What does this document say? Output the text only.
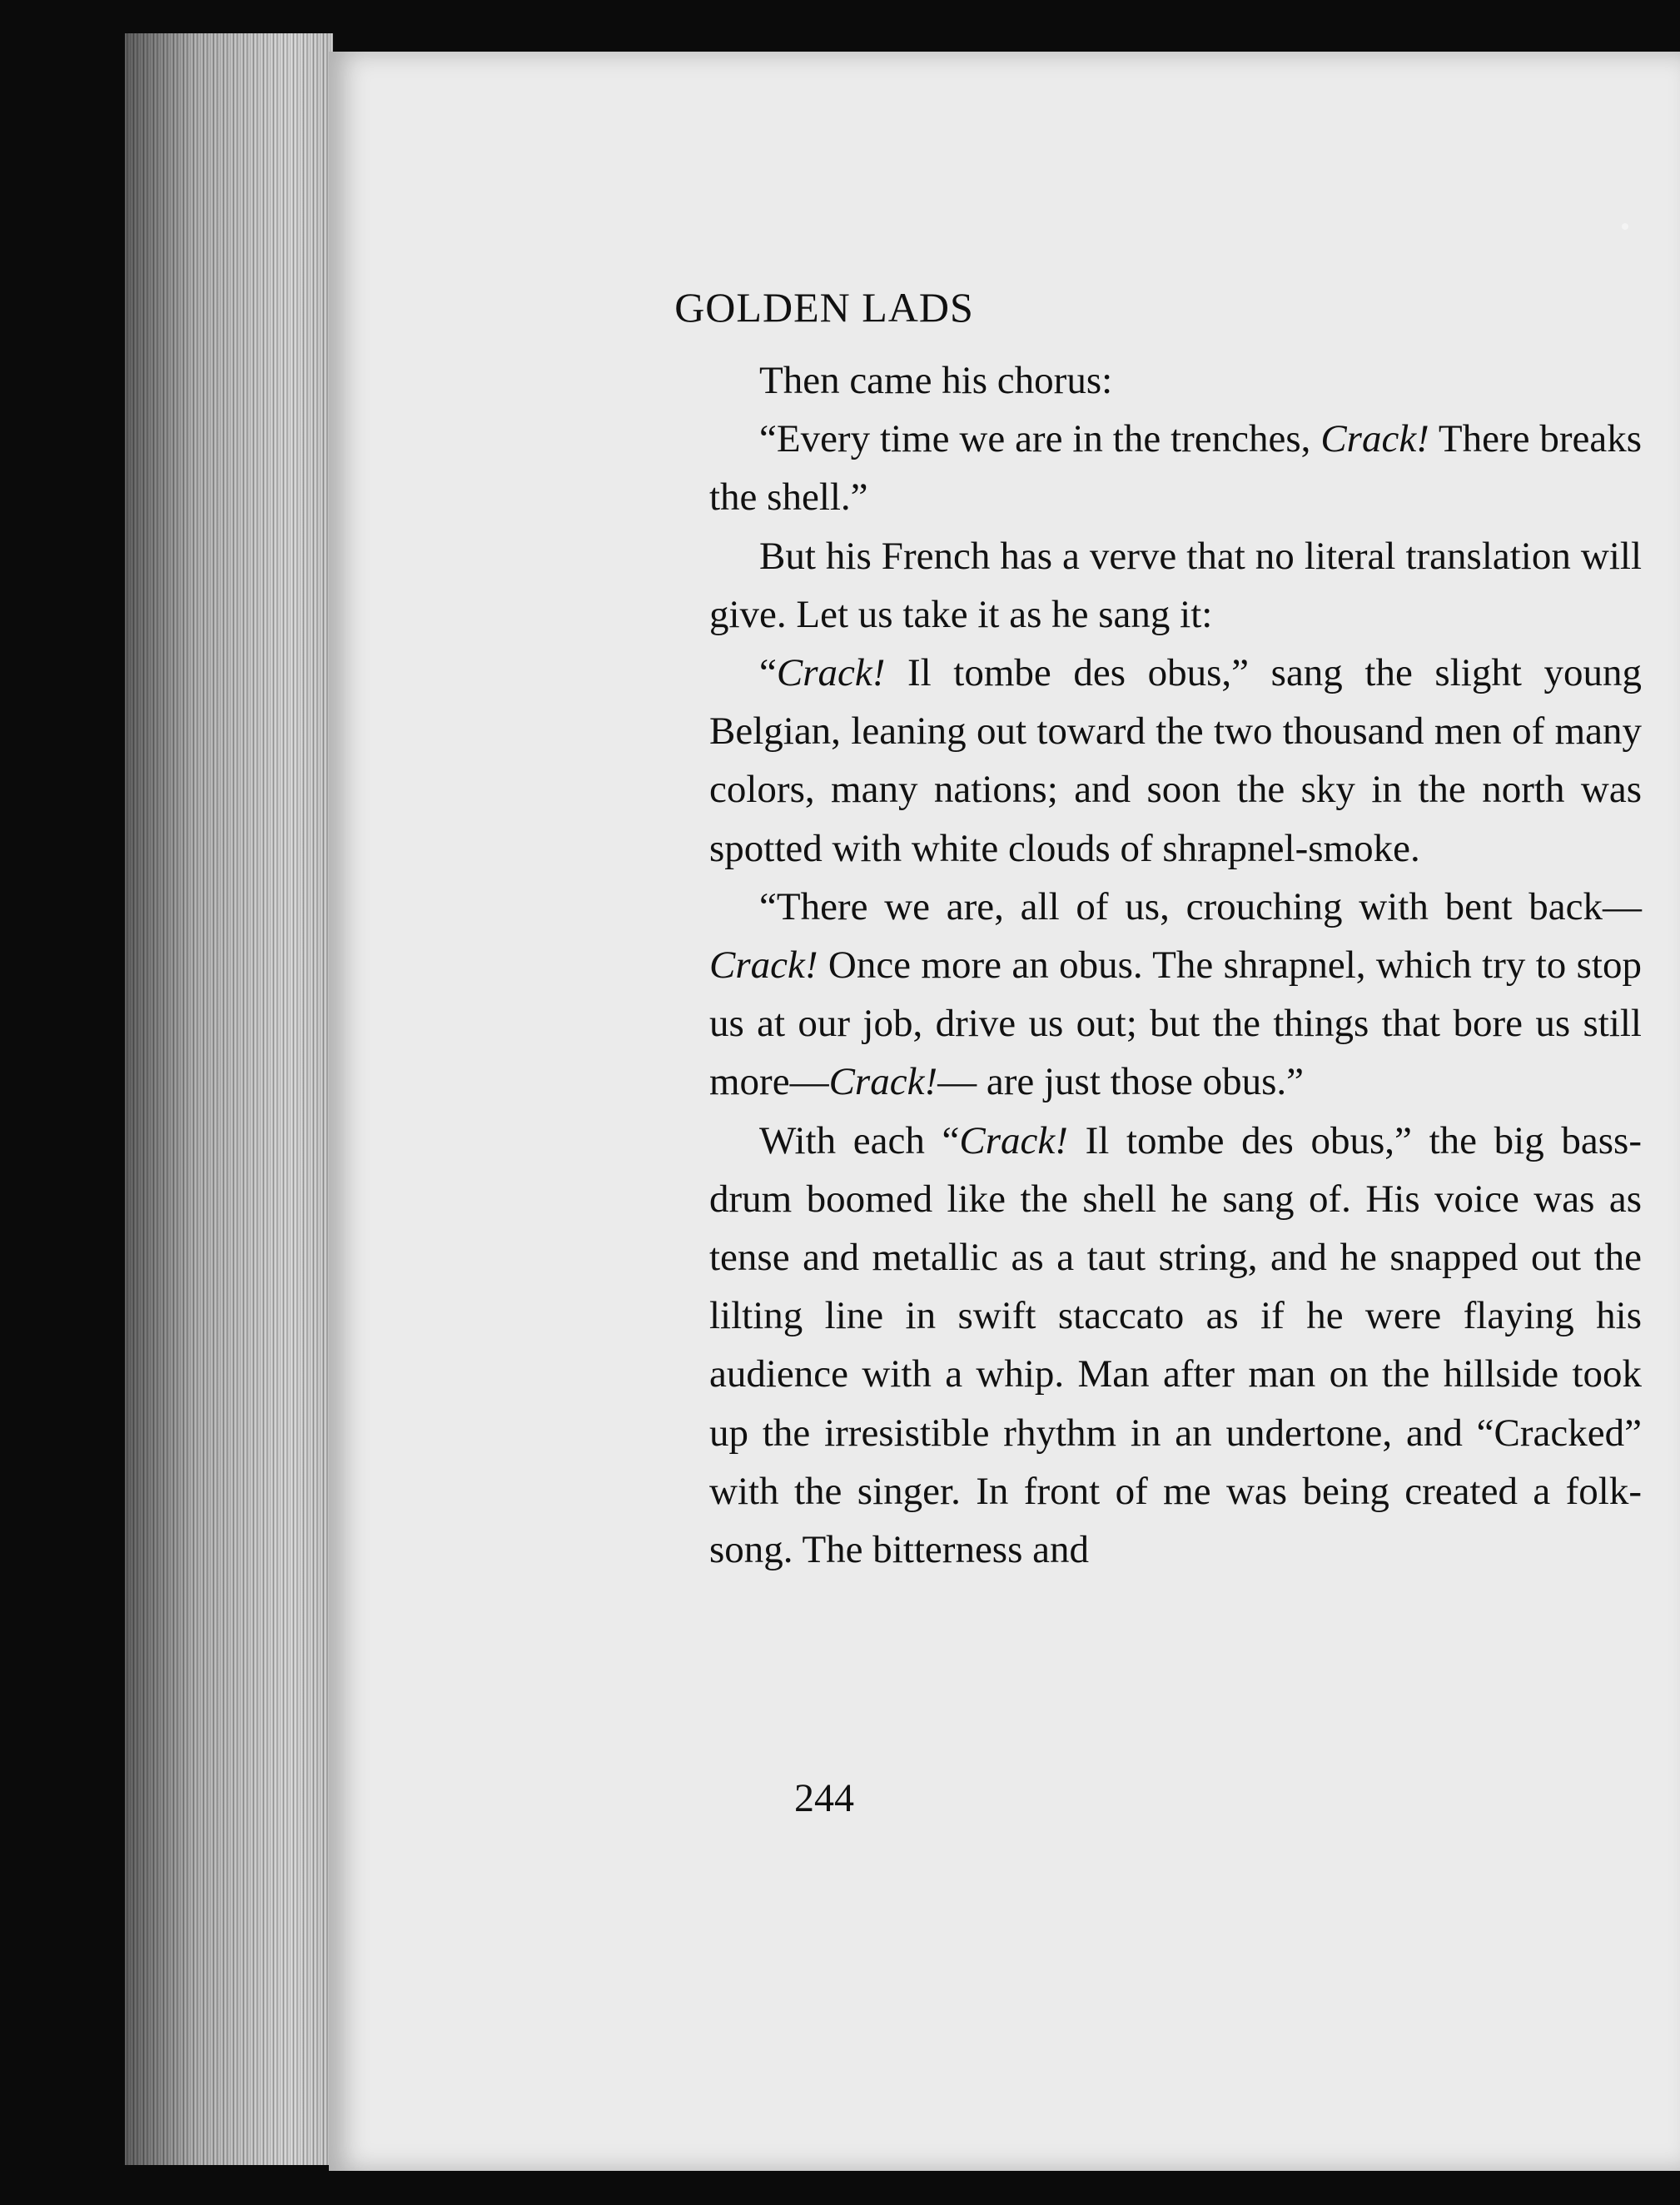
GOLDEN LADS

Then came his chorus:

“Every time we are in the trenches, Crack! There breaks the shell.”

But his French has a verve that no literal translation will give. Let us take it as he sang it:

“Crack! Il tombe des obus,” sang the slight young Belgian, leaning out toward the two thousand men of many colors, many nations; and soon the sky in the north was spotted with white clouds of shrapnel-smoke.

“There we are, all of us, crouching with bent back—Crack! Once more an obus. The shrapnel, which try to stop us at our job, drive us out; but the things that bore us still more—Crack!— are just those obus.”

With each “Crack! Il tombe des obus,” the big bass-drum boomed like the shell he sang of. His voice was as tense and metallic as a taut string, and he snapped out the lilting line in swift staccato as if he were flaying his audience with a whip. Man after man on the hillside took up the irresistible rhythm in an undertone, and “Cracked” with the singer. In front of me was being created a folk-song. The bitterness and

244
